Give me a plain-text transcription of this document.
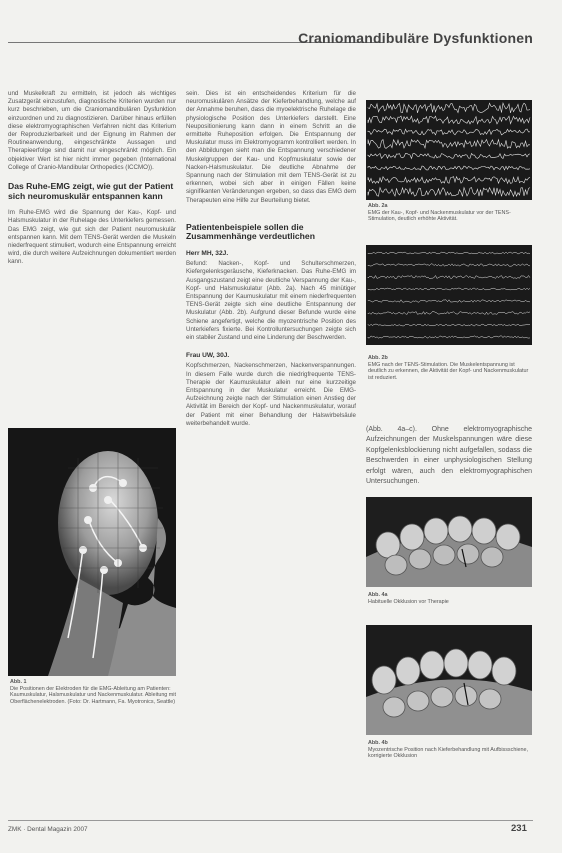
Craniomandibuläre Dysfunktionen

und Muskelkraft zu ermitteln, ist jedoch als wichtiges Zusatzgerät einzustufen, diagnostische Kriterien wurden nur kurz beschrieben, um die Craniomandibulären Dysfunktion einzuordnen und zu diagnostizieren. Darüber hinaus erfüllen diese elektromyographischen Verfahren nicht das Kriterium der Reproduzierbarkeit und der Eignung im Rahmen der Routineanwendung, eingeschränkte Aussagen und Therapieerfolge sind damit nur eingeschränkt möglich. Ein objektiver Wert ist hier nicht immer gegeben (International College of Cranio-Mandibular Orthopedics (ICCMO)).

Das Ruhe-EMG zeigt, wie gut der Patient sich neuromuskulär entspannen kann

Im Ruhe-EMG wird die Spannung der Kau-, Kopf- und Halsmuskulatur in der Ruhelage des Unterkiefers gemessen. Das EMG zeigt, wie gut sich der Patient neuromuskulär entspannen kann. Mit dem TENS-Gerät werden die Muskeln niederfrequent stimuliert, wodurch eine Entspannung erreicht wird, die durch weitere Aufzeichnungen dokumentiert werden kann.

Abb. 1
Die Positionen der Elektroden für die EMG-Ableitung am Patienten: Kaumuskulatur, Halsmuskulatur und Nackenmuskulatur. Ableitung mit Oberflächenelektroden. (Foto: Dr. Hartmann, Fa. Myotronics, Seattle)

sein. Dies ist ein entscheidendes Kriterium für die neuromuskulären Ansätze der Kieferbehandlung, welche auf der Annahme beruhen, dass die myoelektrische Ruhelage die physiologische Position des Unterkiefers darstellt. Eine Neupositionierung kann dann in einem Schritt an die ermittelte Ruheposition erfolgen. Die Entspannung der Muskulatur muss im Elektromyogramm kontrolliert werden. In den Abbildungen sieht man die Entspannung verschiedener Muskelgruppen der Kau- und Kopfmuskulatur sowie der Nacken-Halsmuskulatur. Die deutliche Abnahme der Spannung nach der Stimulation mit dem TENS-Gerät ist zu erkennen, wobei sich aber in einigen Fällen keine signifikanten Veränderungen ergeben, so dass das EMG dem Therapeuten eine Hilfe zur Beurteilung bietet.

Patientenbeispiele sollen die Zusammenhänge verdeutlichen
Herr MH, 32J.

Befund: Nacken-, Kopf- und Schulterschmerzen, Kiefergelenksgeräusche, Kieferknacken. Das Ruhe-EMG im Ausgangszustand zeigt eine deutliche Verspannung der Kau-, Kopf- und Halsmuskulatur (Abb. 2a). Nach 45 minütiger Entspannung der Kaumuskulatur mit einem niederfrequenten TENS-Gerät zeigte sich eine deutliche Entspannung der Muskulatur (Abb. 2b). Aufgrund dieser Befunde wurde eine Schiene angefertigt, welche die myozentrische Position des Unterkiefers fixierte. Bei Kontrolluntersuchungen zeigte sich ein stabiler Zustand und eine Linderung der Beschwerden.

Frau UW, 30J.

Kopfschmerzen, Nackenschmerzen, Nackenverspannungen. In diesem Falle wurde durch die niedrigfrequente TENS-Therapie der Kaumuskulatur allein nur eine kurzzeitige Entspannung in der Muskulatur erreicht. Die EMG-Aufzeichnung zeigte nach der Stimulation einen Anstieg der Aktivität im Bereich der Kopf- und Nackenmuskulatur, worauf der Patient mit einer Behandlung der Halswirbelsäule weiterbehandelt wurde.

Abb. 2a
EMG der Kau-, Kopf- und Nackenmuskulatur vor der TENS-Stimulation, deutlich erhöhte Aktivität.
Abb. 2b
EMG nach der TENS-Stimulation. Die Muskelentspannung ist deutlich zu erkennen, die Aktivität der Kopf- und Nackenmuskulatur ist reduziert.

(Abb. 4a–c). Ohne elektromyographische Aufzeichnungen der Muskelspannungen wäre diese Kopfgelenksblockierung nicht aufgefallen, sodass die Beschwerden in einer unphysiologischen Stellung erfolgt wären, auch den elektromyographischen Untersuchungen.

Abb. 4a
Habituelle Okklusion vor Therapie
Abb. 4b
Myozentrische Position nach Kieferbehandlung mit Aufbissschiene, korrigierte Okklusion
ZMK · Dental Magazin 2007	231
